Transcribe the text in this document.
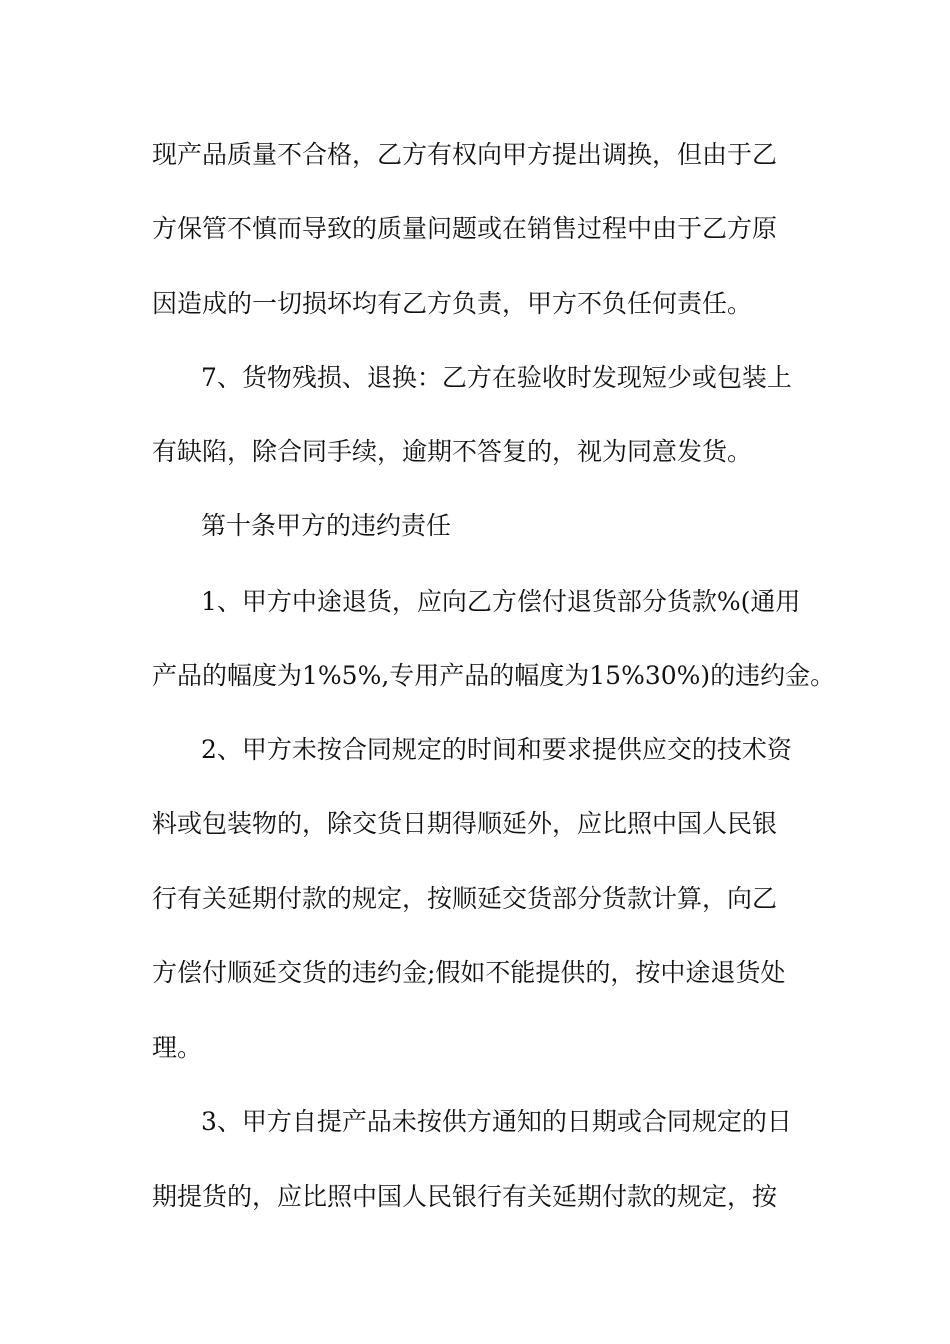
现产品质量不合格，乙方有权向甲方提出调换，但由于乙
方保管不慎而导致的质量问题或在销售过程中由于乙方原
因造成的一切损坏均有乙方负责，甲方不负任何责任。
7、货物残损、退换：乙方在验收时发现短少或包装上
有缺陷，除合同手续，逾期不答复的，视为同意发货。
第十条甲方的违约责任
1、甲方中途退货，应向乙方偿付退货部分货款%(通用
产品的幅度为1%5%,专用产品的幅度为15%30%)的违约金。
2、甲方未按合同规定的时间和要求提供应交的技术资
料或包装物的，除交货日期得顺延外，应比照中国人民银
行有关延期付款的规定，按顺延交货部分货款计算，向乙
方偿付顺延交货的违约金;假如不能提供的，按中途退货处
理。
3、甲方自提产品未按供方通知的日期或合同规定的日
期提货的，应比照中国人民银行有关延期付款的规定，按
